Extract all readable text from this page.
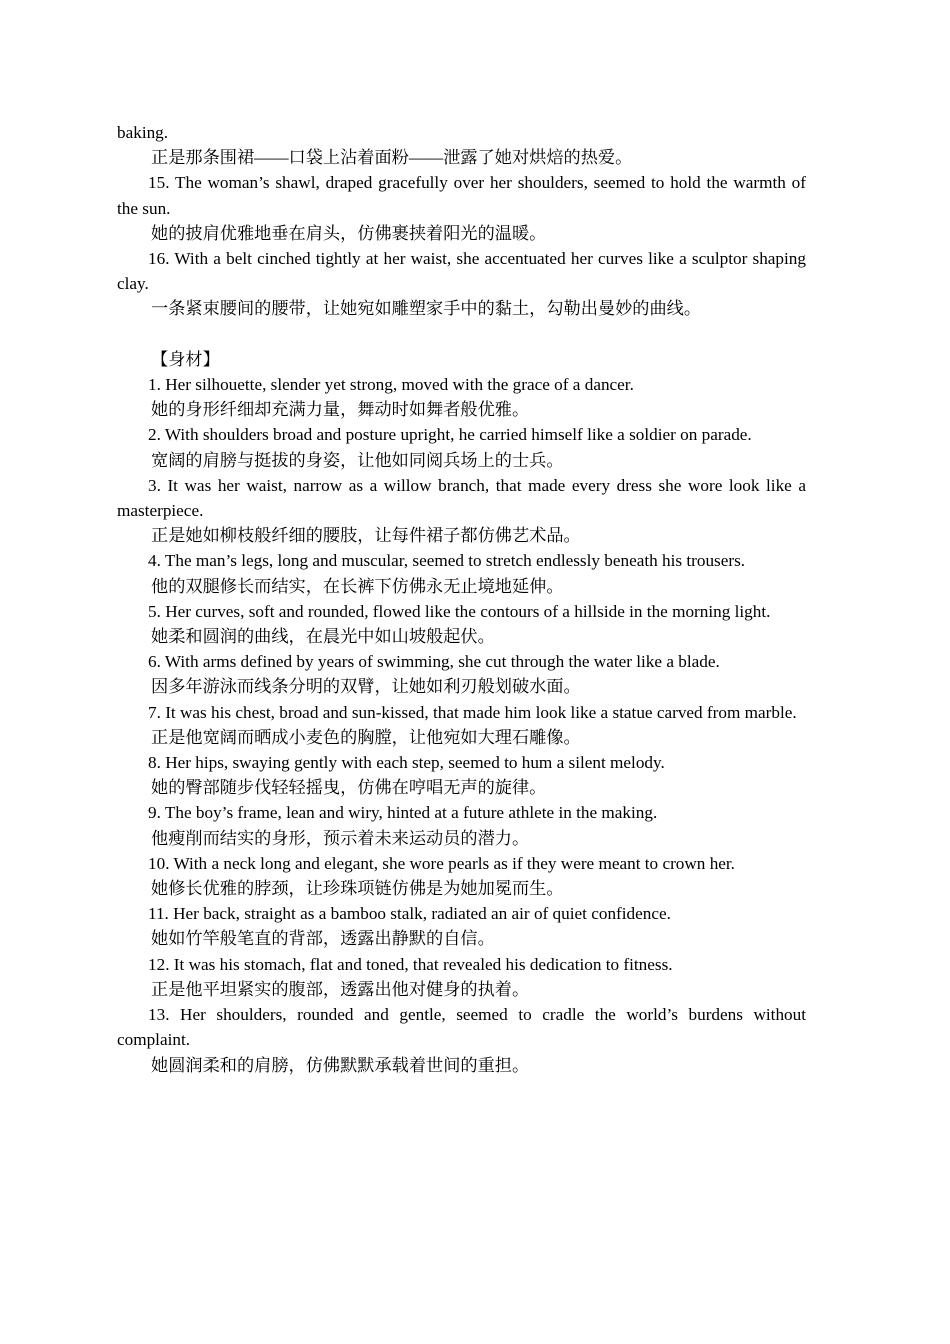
baking.

正是那条围裙——口袋上沾着面粉——泄露了她对烘焙的热爱。

15. The woman’s shawl, draped gracefully over her shoulders, seemed to hold the warmth of the sun.

她的披肩优雅地垂在肩头，仿佛裹挟着阳光的温暖。

16. With a belt cinched tightly at her waist, she accentuated her curves like a sculptor shaping clay.

一条紧束腰间的腰带，让她宛如雕塑家手中的黏土，勾勒出曼妙的曲线。

【身材】

1. Her silhouette, slender yet strong, moved with the grace of a dancer.

她的身形纤细却充满力量，舞动时如舞者般优雅。

2. With shoulders broad and posture upright, he carried himself like a soldier on parade.

宽阔的肩膀与挺拔的身姿，让他如同阅兵场上的士兵。

3. It was her waist, narrow as a willow branch, that made every dress she wore look like a masterpiece.

正是她如柳枝般纤细的腰肢，让每件裙子都仿佛艺术品。

4. The man’s legs, long and muscular, seemed to stretch endlessly beneath his trousers.

他的双腿修长而结实，在长裤下仿佛永无止境地延伸。

5. Her curves, soft and rounded, flowed like the contours of a hillside in the morning light.

她柔和圆润的曲线，在晨光中如山坡般起伏。

6. With arms defined by years of swimming, she cut through the water like a blade.

因多年游泳而线条分明的双臂，让她如利刃般划破水面。

7. It was his chest, broad and sun-kissed, that made him look like a statue carved from marble.

正是他宽阔而晒成小麦色的胸膛，让他宛如大理石雕像。

8. Her hips, swaying gently with each step, seemed to hum a silent melody.

她的臀部随步伐轻轻摇曳，仿佛在哼唱无声的旋律。

9. The boy’s frame, lean and wiry, hinted at a future athlete in the making.

他瘦削而结实的身形，预示着未来运动员的潜力。

10. With a neck long and elegant, she wore pearls as if they were meant to crown her.

她修长优雅的脖颈，让珍珠项链仿佛是为她加冕而生。

11. Her back, straight as a bamboo stalk, radiated an air of quiet confidence.

她如竹竿般笔直的背部，透露出静默的自信。

12. It was his stomach, flat and toned, that revealed his dedication to fitness.

正是他平坦紧实的腹部，透露出他对健身的执着。

13. Her shoulders, rounded and gentle, seemed to cradle the world’s burdens without complaint.

她圆润柔和的肩膀，仿佛默默承载着世间的重担。
